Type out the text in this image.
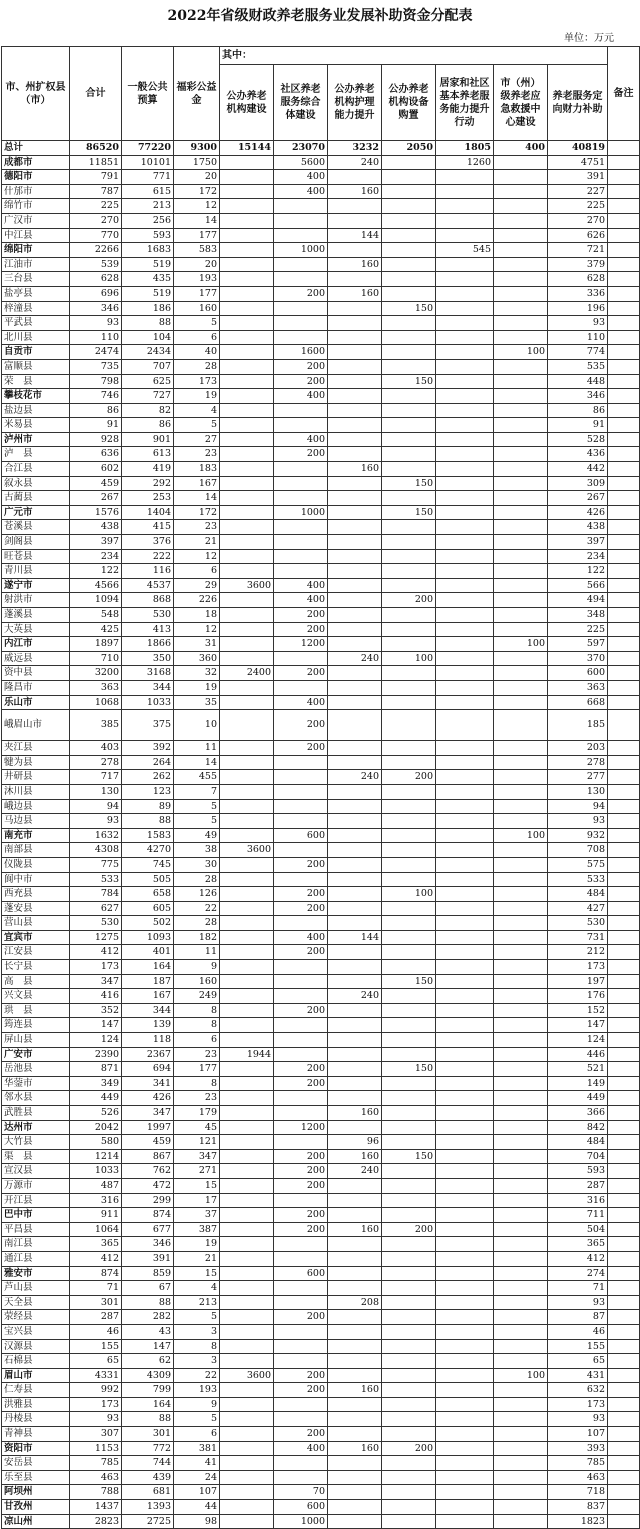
2022年省级财政养老服务业发展补助资金分配表
单位：万元
市、州扩权县（市）	合计	一般公共预算	福彩公益金	其中：							备注
				公办养老机构建设	社区养老服务综合体建设	公办养老机构护理能力提升	公办养老机构设备购置	居家和社区基本养老服务能力提升行动	市（州）级养老应急救援中心建设	养老服务定向财力补助	
总计	86520	77220	9300	15144	23070	3232	2050	1805	400	40819	
成都市	11851	10101	1750		5600	240		1260		4751	
德阳市	791	771	20		400					391	
什邡市	787	615	172		400	160				227	
绵竹市	225	213	12							225	
广汉市	270	256	14							270	
中江县	770	593	177			144				626	
绵阳市	2266	1683	583		1000			545		721	
江油市	539	519	20			160				379	
三台县	628	435	193							628	
盐亭县	696	519	177		200	160				336	
梓潼县	346	186	160				150			196	
平武县	93	88	5							93	
北川县	110	104	6							110	
自贡市	2474	2434	40		1600				100	774	
富顺县	735	707	28		200					535	
荣　县	798	625	173		200		150			448	
攀枝花市	746	727	19		400					346	
盐边县	86	82	4							86	
米易县	91	86	5							91	
泸州市	928	901	27		400					528	
泸　县	636	613	23		200					436	
合江县	602	419	183			160				442	
叙永县	459	292	167				150			309	
古蔺县	267	253	14							267	
广元市	1576	1404	172		1000		150			426	
苍溪县	438	415	23							438	
剑阁县	397	376	21							397	
旺苍县	234	222	12							234	
青川县	122	116	6							122	
遂宁市	4566	4537	29	3600	400					566	
射洪市	1094	868	226		400		200			494	
蓬溪县	548	530	18		200					348	
大英县	425	413	12		200					225	
内江市	1897	1866	31		1200				100	597	
威远县	710	350	360			240	100			370	
资中县	3200	3168	32	2400	200					600	
隆昌市	363	344	19							363	
乐山市	1068	1033	35		400					668	
峨眉山市	385	375	10		200					185	
夹江县	403	392	11		200					203	
犍为县	278	264	14							278	
井研县	717	262	455			240	200			277	
沐川县	130	123	7							130	
峨边县	94	89	5							94	
马边县	93	88	5							93	
南充市	1632	1583	49		600				100	932	
南部县	4308	4270	38	3600						708	
仪陇县	775	745	30		200					575	
阆中市	533	505	28							533	
西充县	784	658	126		200		100			484	
蓬安县	627	605	22		200					427	
营山县	530	502	28							530	
宜宾市	1275	1093	182		400	144				731	
江安县	412	401	11		200					212	
长宁县	173	164	9							173	
高　县	347	187	160				150			197	
兴文县	416	167	249			240				176	
珙　县	352	344	8		200					152	
筠连县	147	139	8							147	
屏山县	124	118	6							124	
广安市	2390	2367	23	1944						446	
岳池县	871	694	177		200		150			521	
华蓥市	349	341	8		200					149	
邻水县	449	426	23							449	
武胜县	526	347	179			160				366	
达州市	2042	1997	45		1200					842	
大竹县	580	459	121			96				484	
渠　县	1214	867	347		200	160	150			704	
宣汉县	1033	762	271		200	240				593	
万源市	487	472	15		200					287	
开江县	316	299	17							316	
巴中市	911	874	37		200					711	
平昌县	1064	677	387		200	160	200			504	
南江县	365	346	19							365	
通江县	412	391	21							412	
雅安市	874	859	15		600					274	
芦山县	71	67	4							71	
天全县	301	88	213			208				93	
荥经县	287	282	5		200					87	
宝兴县	46	43	3							46	
汉源县	155	147	8							155	
石棉县	65	62	3							65	
眉山市	4331	4309	22	3600	200				100	431	
仁寿县	992	799	193		200	160				632	
洪雅县	173	164	9							173	
丹棱县	93	88	5							93	
青神县	307	301	6		200					107	
资阳市	1153	772	381		400	160	200			393	
安岳县	785	744	41							785	
乐至县	463	439	24							463	
阿坝州	788	681	107		70					718	
甘孜州	1437	1393	44		600					837	
凉山州	2823	2725	98		1000					1823	
